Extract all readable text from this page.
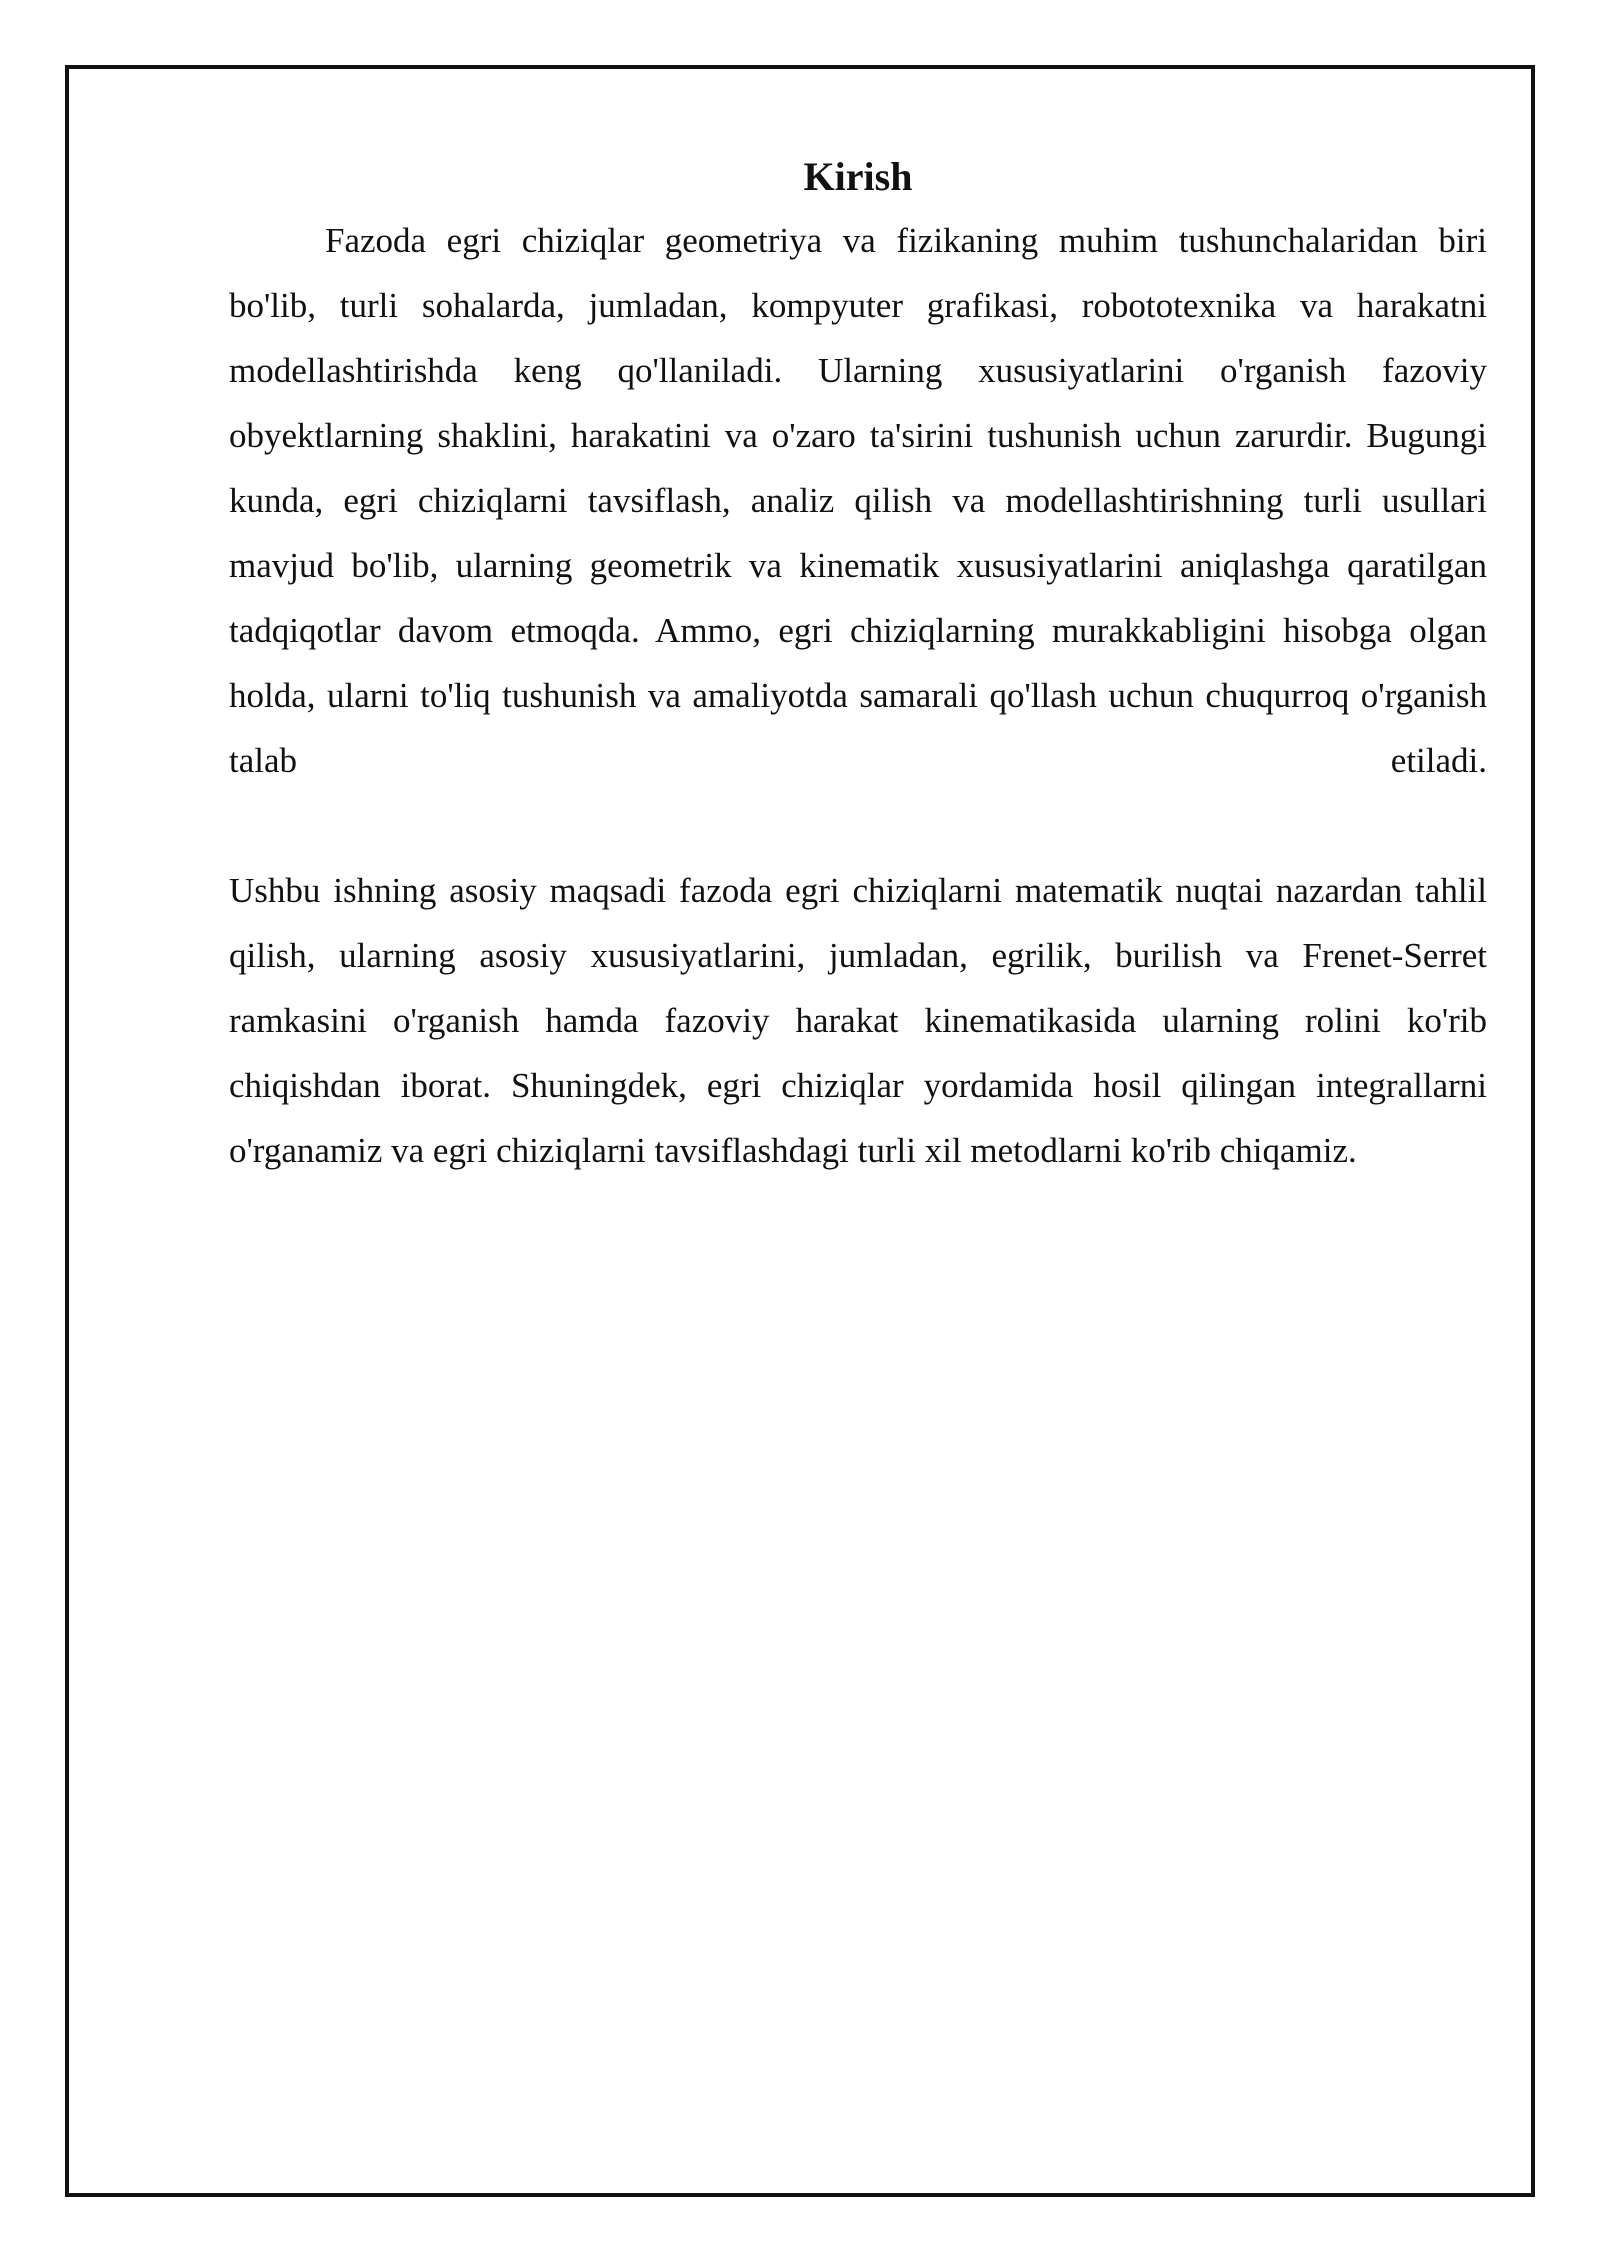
Kirish

Fazoda egri chiziqlar geometriya va fizikaning muhim tushunchalaridan biri bo'lib, turli sohalarda, jumladan, kompyuter grafikasi, robototexnika va harakatni modellashtirishda keng qo'llaniladi. Ularning xususiyatlarini o'rganish fazoviy obyektlarning shaklini, harakatini va o'zaro ta'sirini tushunish uchun zarurdir. Bugungi kunda, egri chiziqlarni tavsiflash, analiz qilish va modellashtirishning turli usullari mavjud bo'lib, ularning geometrik va kinematik xususiyatlarini aniqlashga qaratilgan tadqiqotlar davom etmoqda. Ammo, egri chiziqlarning murakkabligini hisobga olgan holda, ularni to'liq tushunish va amaliyotda samarali qo'llash uchun chuqurroq o'rganish talab etiladi.

Ushbu ishning asosiy maqsadi fazoda egri chiziqlarni matematik nuqtai nazardan tahlil qilish, ularning asosiy xususiyatlarini, jumladan, egrilik, burilish va Frenet-Serret ramkasini o'rganish hamda fazoviy harakat kinematikasida ularning rolini ko'rib chiqishdan iborat. Shuningdek, egri chiziqlar yordamida hosil qilingan integrallarni o'rganamiz va egri chiziqlarni tavsiflashdagi turli xil metodlarni ko'rib chiqamiz.
